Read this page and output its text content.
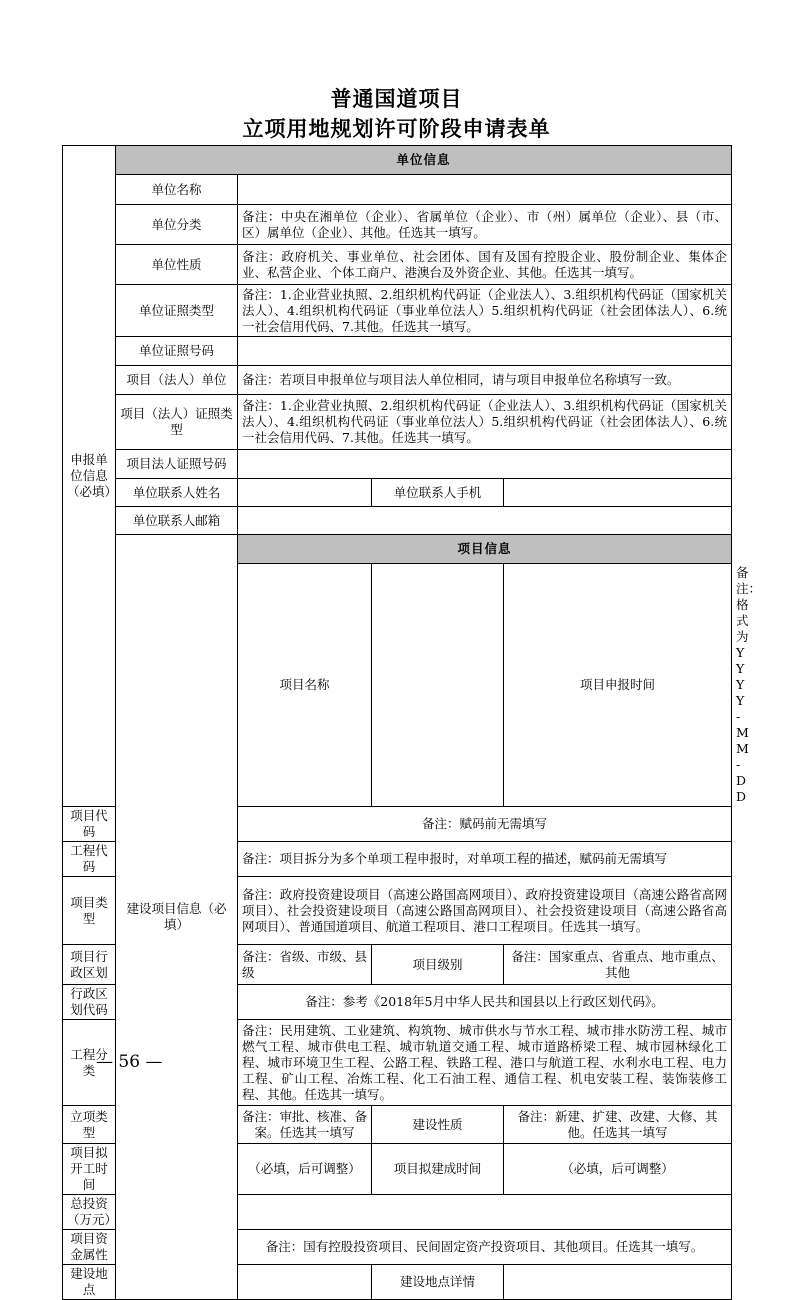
普通国道项目
立项用地规划许可阶段申请表单
申报单位信息（必填）	单位信息				
	单位名称				
	单位分类	备注：中央在湘单位（企业）、省属单位（企业）、市（州）属单位（企业）、县（市、区）属单位（企业）、其他。任选其一填写。			
	单位性质	备注：政府机关、事业单位、社会团体、国有及国有控股企业、股份制企业、集体企业、私营企业、个体工商户、港澳台及外资企业、其他。任选其一填写。			
	单位证照类型	备注：1.企业营业执照、2.组织机构代码证（企业法人）、3.组织机构代码证（国家机关法人）、4.组织机构代码证（事业单位法人）5.组织机构代码证（社会团体法人）、6.统一社会信用代码、7.其他。任选其一填写。			
	单位证照号码				
	项目（法人）单位	备注：若项目申报单位与项目法人单位相同，请与项目申报单位名称填写一致。			
	项目（法人）证照类型	备注：1.企业营业执照、2.组织机构代码证（企业法人）、3.组织机构代码证（国家机关法人）、4.组织机构代码证（事业单位法人）5.组织机构代码证（社会团体法人）、6.统一社会信用代码、7.其他。任选其一填写。			
	项目法人证照号码				
	单位联系人姓名		单位联系人手机		
	单位联系人邮箱				
	建设项目信息（必填）	项目信息			
		项目名称		项目申报时间	备注：格式为YYYY-MM-DD
项目代码		备注：赋码前无需填写			
工程代码		备注：项目拆分为多个单项工程申报时，对单项工程的描述，赋码前无需填写			
项目类型		备注：政府投资建设项目（高速公路国高网项目）、政府投资建设项目（高速公路省高网项目）、社会投资建设项目（高速公路国高网项目）、社会投资建设项目（高速公路省高网项目）、普通国道项目、航道工程项目、港口工程项目。任选其一填写。			
项目行政区划		备注：省级、市级、县级	项目级别	备注：国家重点、省重点、地市重点、其他	
行政区划代码		备注：参考《2018年5月中华人民共和国县以上行政区划代码》。			
工程分类		备注：民用建筑、工业建筑、构筑物、城市供水与节水工程、城市排水防涝工程、城市燃气工程、城市供电工程、城市轨道交通工程、城市道路桥梁工程、城市园林绿化工程、城市环境卫生工程、公路工程、铁路工程、港口与航道工程、水利水电工程、电力工程、矿山工程、冶炼工程、化工石油工程、通信工程、机电安装工程、装饰装修工程、其他。任选其一填写。			
立项类型		备注：审批、核准、备案。任选其一填写	建设性质	备注：新建、扩建、改建、大修、其他。任选其一填写	
项目拟开工时间		（必填，后可调整）	项目拟建成时间	（必填，后可调整）	
总投资（万元）					
项目资金属性		备注：国有控股投资项目、民间固定资产投资项目、其他项目。任选其一填写。			
建设地点			建设地点详情		
— 56 —
